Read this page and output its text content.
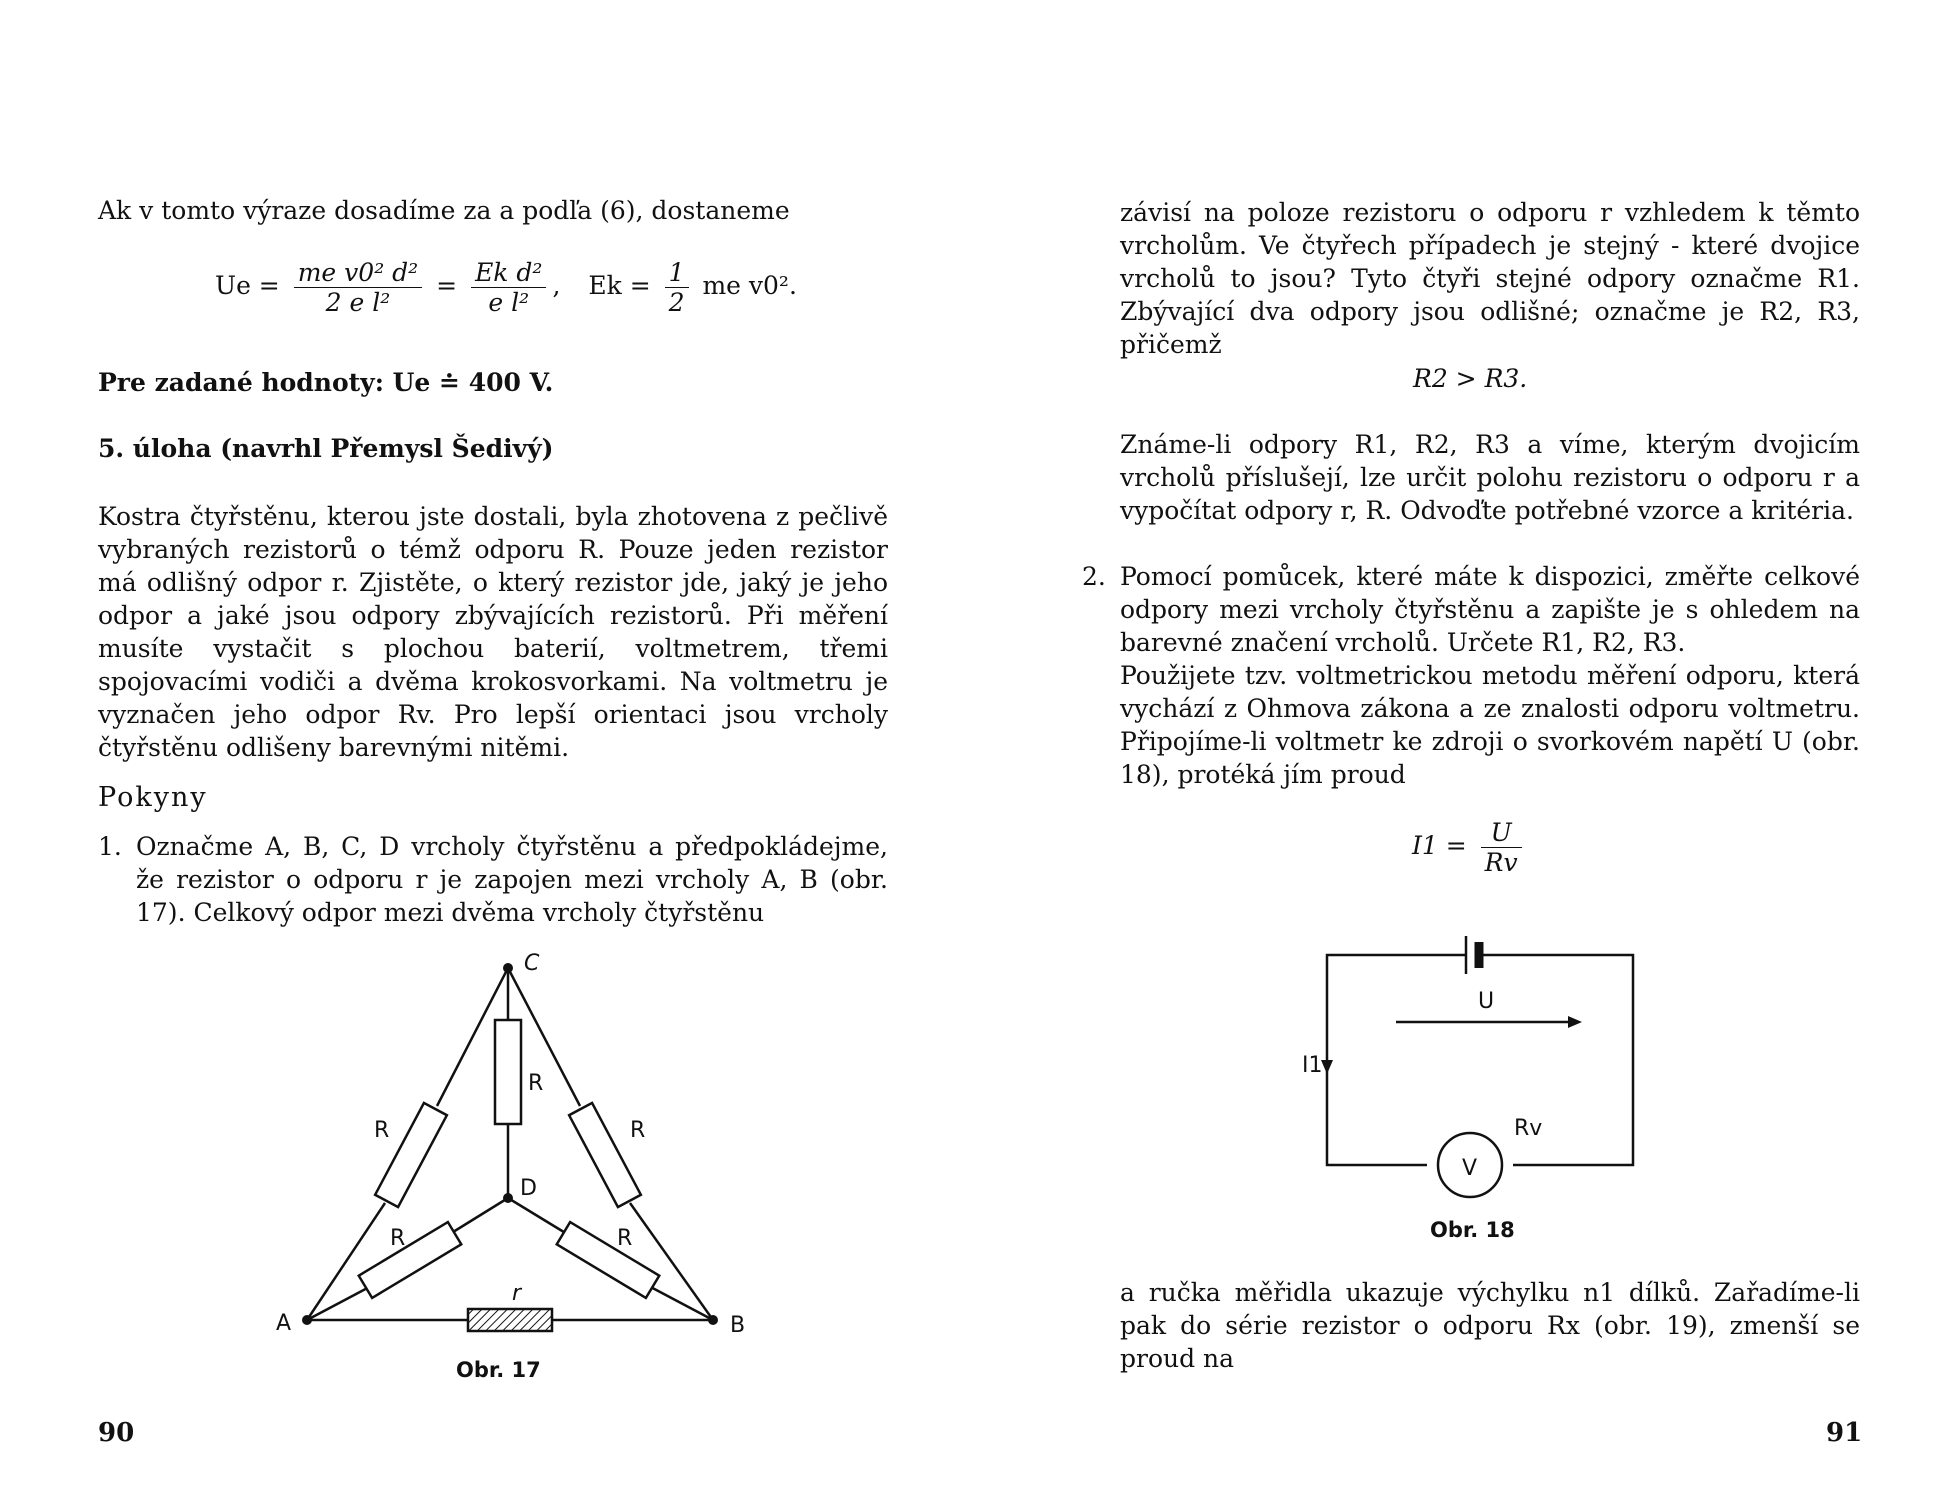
Ak v tomto výraze dosadíme za a podľa (6), dostaneme
$Ue = \frac{\text{me v0² d²}}{\text{2 e l²}} = \frac{\text{Ek d²}}{\text{e l²}}$ , $Ek = \frac{1}{2}$ me v0².
Pre zadané hodnoty: Ue ≐ 400 V.
5. úloha (navrhl Přemysl Šedivý)

Kostra čtyřstěnu, kterou jste dostali, byla zhotovena z pečlivě vybraných rezistorů o témž odporu R. Pouze jeden rezistor má odlišný odpor r. Zjistěte, o který rezistor jde, jaký je jeho odpor a jaké jsou odpory zbývajících rezistorů. Při měření musíte vystačit s plochou baterií, voltmetrem, třemi spojovacími vodiči a dvěma krokosvorkami. Na voltmetru je vyznačen jeho odpor Rv. Pro lepší orientaci jsou vrcholy čtyřstěnu odlišeny barevnými nitěmi.

Pokyny
1. Označme A, B, C, D vrcholy čtyřstěnu a předpokládejme, že rezistor o odporu r je zapojen mezi vrcholy A, B (obr. 17). Celkový odpor mezi dvěma vrcholy čtyřstěnu

C
D
A	B
R
R
R
R	R
r
Obr. 17
90

závisí na poloze rezistoru o odporu r vzhledem k těmto vrcholům. Ve čtyřech případech je stejný - které dvojice vrcholů to jsou? Tyto čtyři stejné odpory označme R1. Zbývající dva odpory jsou odlišné; označme je R2, R3, přičemž

R2 > R3.

Známe-li odpory R1, R2, R3 a víme, kterým dvojicím vrcholů příslušejí, lze určit polohu rezistoru o odporu r a vypočítat odpory r, R. Odvoďte potřebné vzorce a kritéria.

2. Pomocí pomůcek, které máte k dispozici, změřte celkové odpory mezi vrcholy čtyřstěnu a zapište je s ohledem na barevné značení vrcholů. Určete R1, R2, R3.

Použijete tzv. voltmetrickou metodu měření odporu, která vychází z Ohmova zákona a ze znalosti odporu voltmetru. Připojíme-li voltmetr ke zdroji o svorkovém napětí U (obr. 18), protéká jím proud

$I1 = \frac{U}{Rv}$
V
U
I1
Rv
Obr. 18

a ručka měřidla ukazuje výchylku n1 dílků. Zařadíme-li pak do série rezistor o odporu Rx (obr. 19), zmenší se proud na

91
